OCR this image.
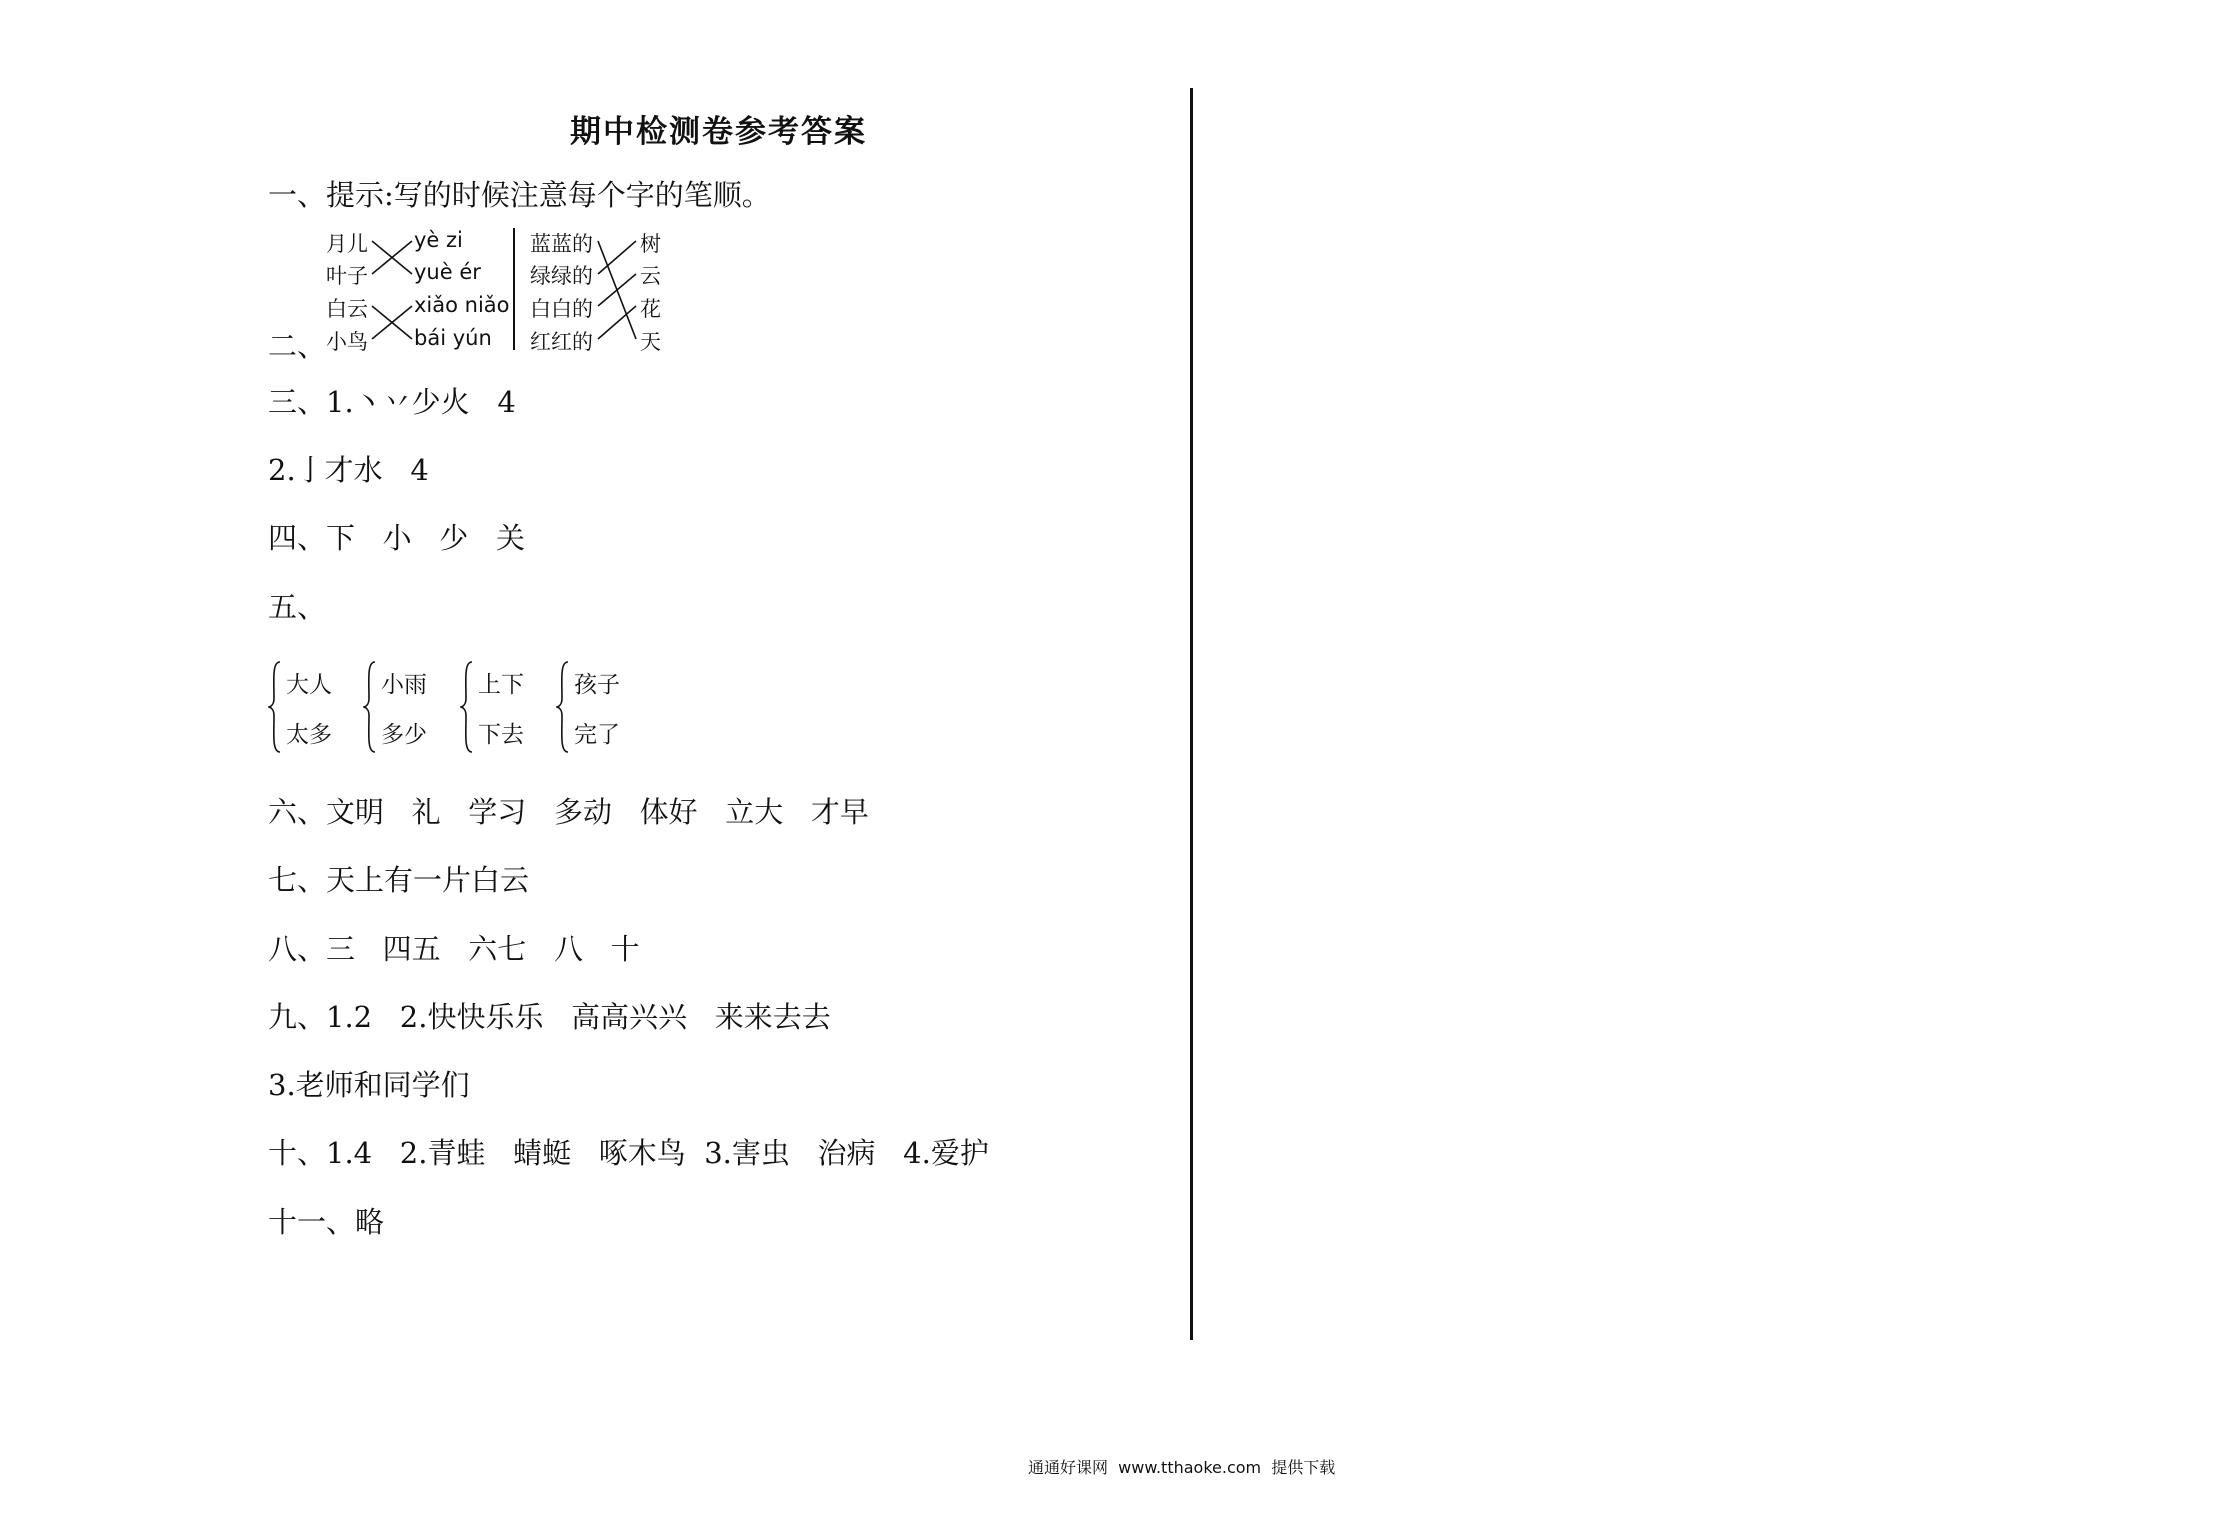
期中检测卷参考答案
一、提示:写的时候注意每个字的笔顺。
二、
月儿
叶子
白云
小鸟
yè zi
yuè ér
xiǎo niǎo
bái yún
蓝蓝的
绿绿的
白白的
红红的
树
云
花
天
三、1.丶丷少火   4
2.亅才水   4
四、下   小   少   关
五、
大人
太多
小雨
多少
上下
下去
孩子
完了
六、文明   礼   学习   多动   体好   立大   才早
七、天上有一片白云
八、三   四五   六七   八   十
九、1.2   2.快快乐乐   高高兴兴   来来去去
3.老师和同学们
十、1.4   2.青蛙   蜻蜓   啄木鸟  3.害虫   治病   4.爱护
十一、略
通通好课网  www.tthaoke.com  提供下载
